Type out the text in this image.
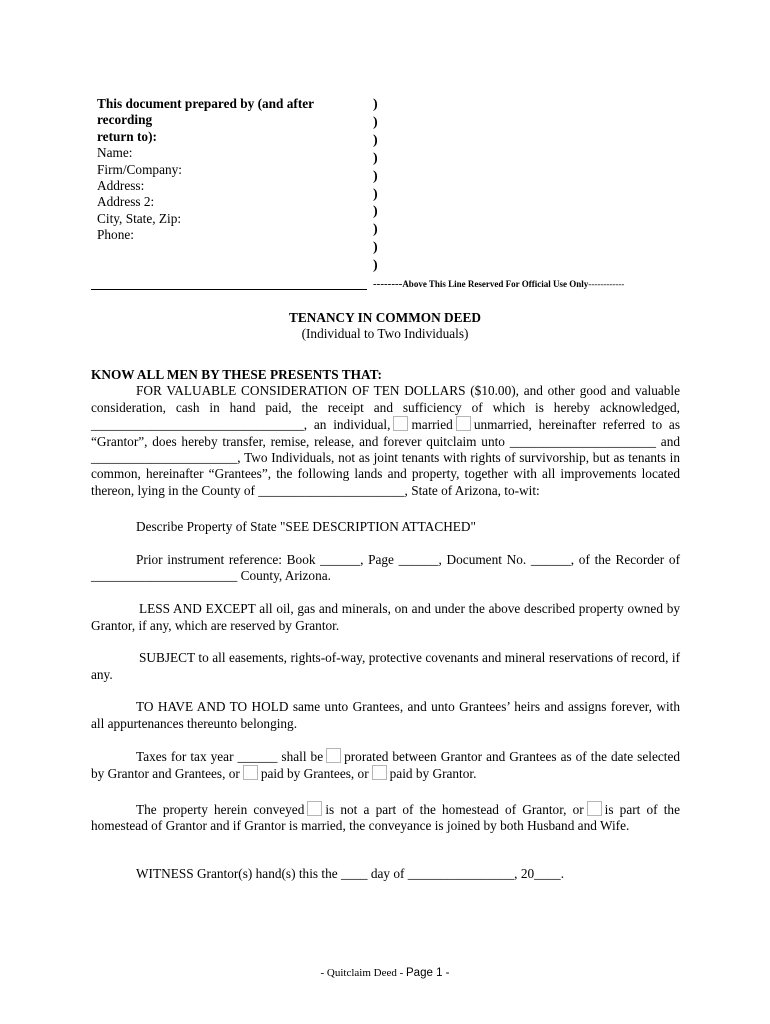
This document prepared by (and after recording
return to):
Name:
Firm/Company:
Address:
Address 2:
City, State, Zip:
Phone:
)
)
)
)
)
)
)
)
)
)
--------Above This Line Reserved For Official Use Only------------
TENANCY IN COMMON DEED
(Individual to Two Individuals)

KNOW ALL MEN BY THESE PRESENTS THAT:

FOR VALUABLE CONSIDERATION OF TEN DOLLARS ($10.00), and other good and valuable consideration, cash in hand paid, the receipt and sufficiency of which is hereby acknowledged, ________________________________, an individual, married unmarried, hereinafter referred to as “Grantor”, does hereby transfer, remise, release, and forever quitclaim unto ______________________ and ______________________, Two Individuals, not as joint tenants with rights of survivorship, but as tenants in common, hereinafter “Grantees”, the following lands and property, together with all improvements located thereon, lying in the County of ______________________, State of Arizona, to-wit:

Describe Property of State "SEE DESCRIPTION ATTACHED"

Prior instrument reference: Book ______, Page ______, Document No. ______, of the Recorder of ______________________ County, Arizona.

LESS AND EXCEPT all oil, gas and minerals, on and under the above described property owned by Grantor, if any, which are reserved by Grantor.

SUBJECT to all easements, rights-of-way, protective covenants and mineral reservations of record, if any.

TO HAVE AND TO HOLD same unto Grantees, and unto Grantees’ heirs and assigns forever, with all appurtenances thereunto belonging.

Taxes for tax year ______ shall be prorated between Grantor and Grantees as of the date selected by Grantor and Grantees, or paid by Grantees, or paid by Grantor.

The property herein conveyed is not a part of the homestead of Grantor, or is part of the homestead of Grantor and if Grantor is married, the conveyance is joined by both Husband and Wife.

WITNESS Grantor(s) hand(s) this the ____ day of ________________, 20____.

- Quitclaim Deed - Page 1 -
